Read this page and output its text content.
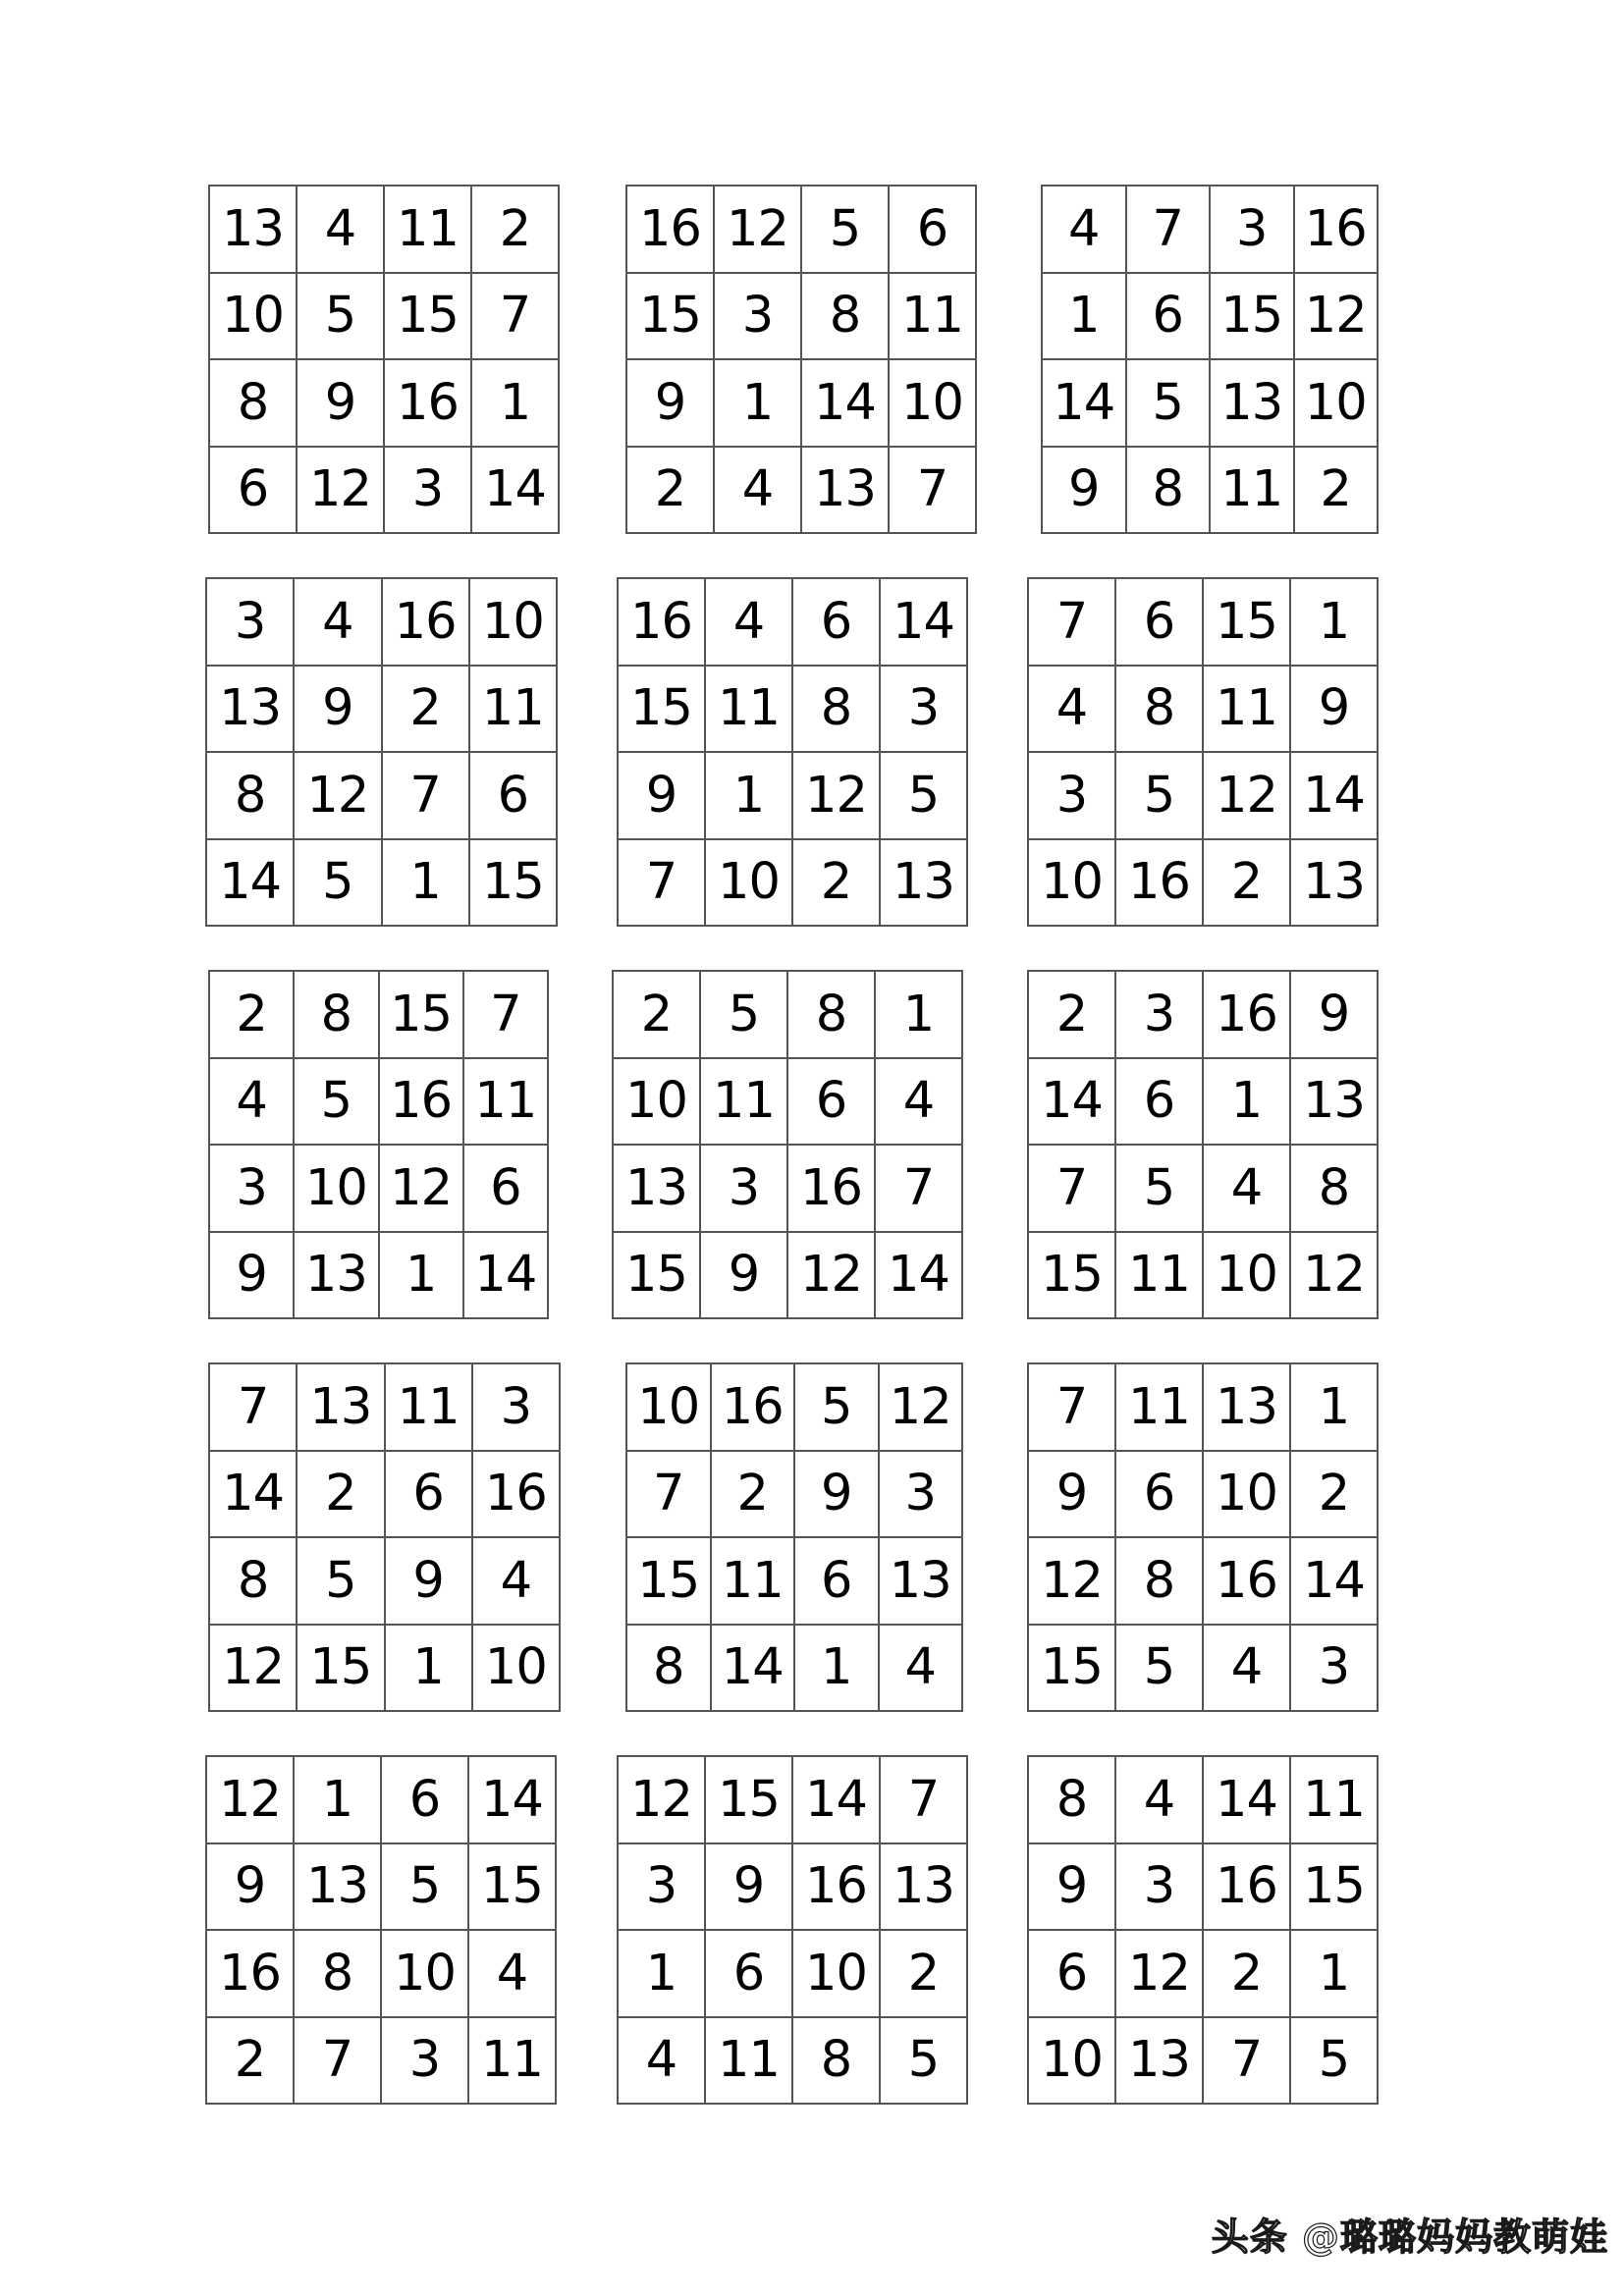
13 4 11 2
10 5 15 7
8	9 16 1
6 12 3 14
16 12 5	6
15 3	8 11
9	1 14 10
2	4 13 7
4	7	3 16
1	6 15 12
14 5 13 10
9	8 11 2
3	4 16 10
13 9	2 11
8 12 7	6
14 5	1 15
16 4	6 14
15 11 8	3
9	1 12 5
7 10 2 13
7	6 15 1
4	8 11 9
3	5 12 14
10 16 2 13
2	8 15 7
4	5 16 11
3 10 12 6
9 13 1 14
2	5	8	1
10 11 6	4
13 3 16 7
15 9 12 14
2	3 16 9
14 6	1 13
7	5	4	8
15 11 10 12
7 13 11 3
14 2	6 16
8	5	9	4
12 15 1 10
10 16 5 12
7	2	9	3
15 11 6 13
8 14 1	4
7 11 13 1
9	6 10 2
12 8 16 14
15 5	4	3
12 1	6 14
9 13 5 15
16 8 10 4
2	7	3 11
12 15 14 7
3	9 16 13
1	6 10 2
4 11 8	5
8	4 14 11
9	3 16 15
6 12 2	1
10 13 7	5
头条 @璐璐妈妈教萌娃
